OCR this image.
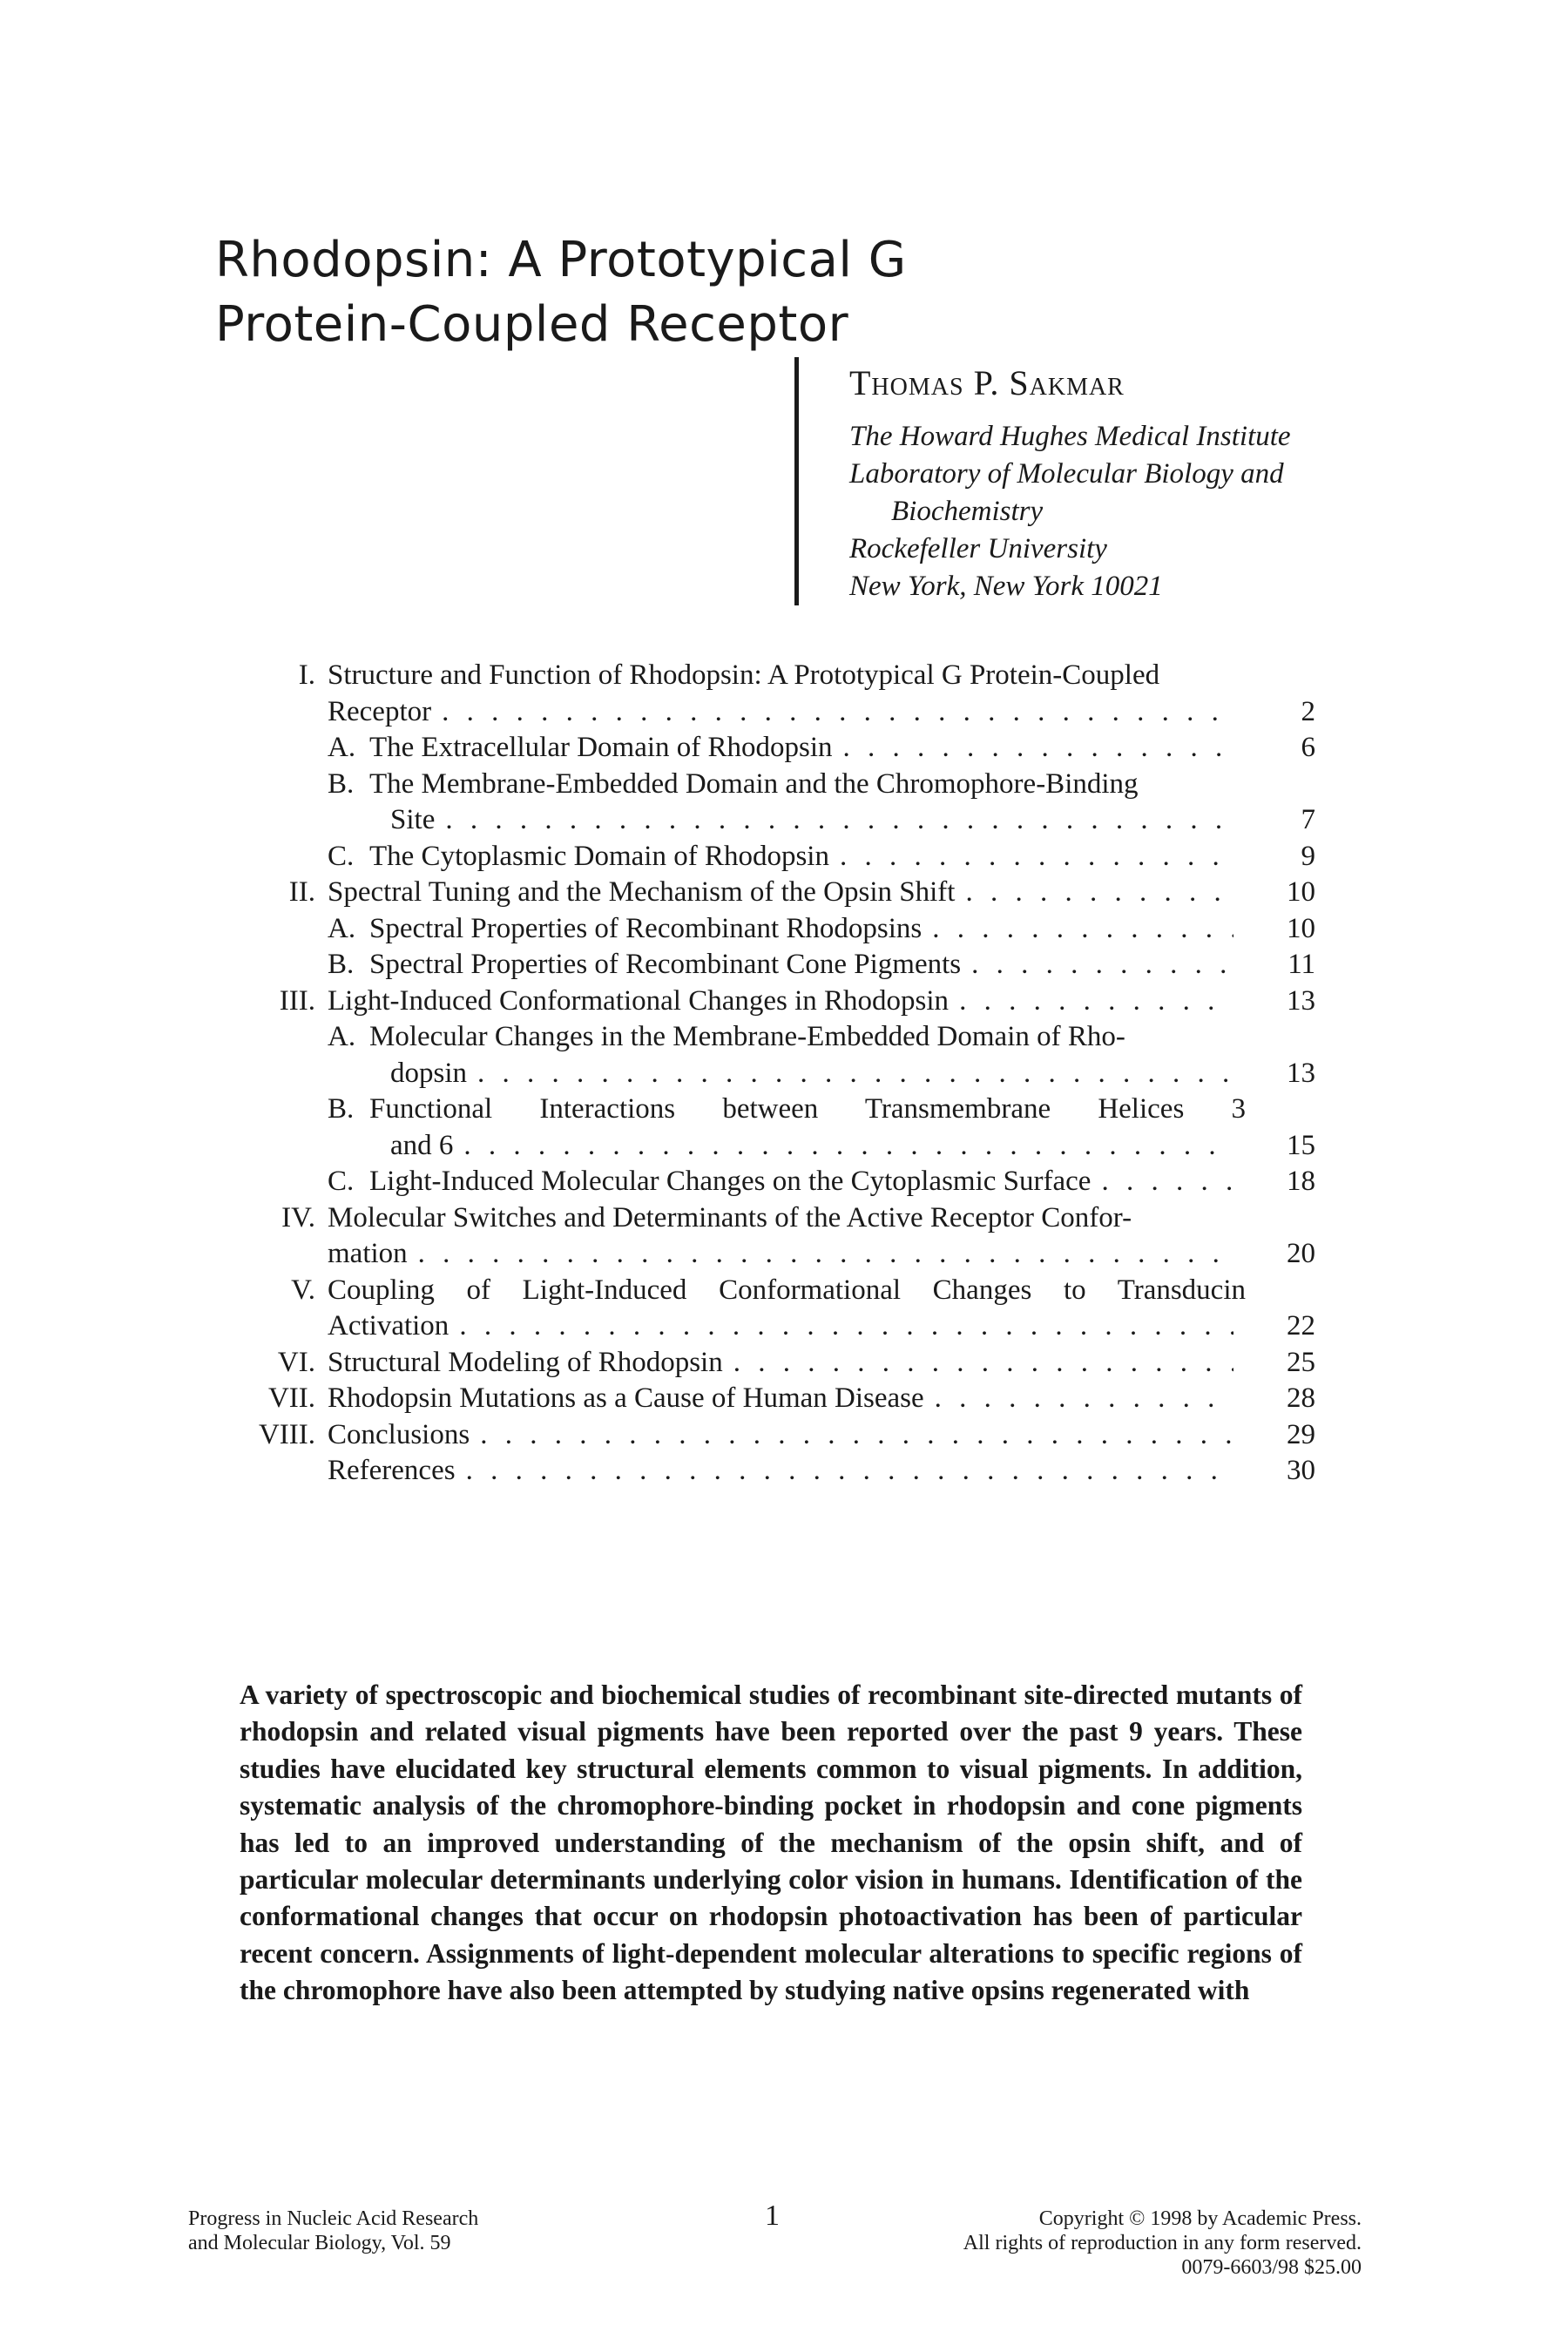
Rhodopsin: A Prototypical G
Protein-Coupled Receptor
Thomas P. Sakmar
The Howard Hughes Medical Institute
Laboratory of Molecular Biology and
Biochemistry
Rockefeller University
New York, New York 10021
I. Structure and Function of Rhodopsin: A Prototypical G Protein-Coupled
Receptor . . .	2
A. The Extracellular Domain of Rhodopsin . . .	6
B. The Membrane-Embedded Domain and the Chromophore-Binding
Site . . .	7
C. The Cytoplasmic Domain of Rhodopsin . . .	9
II. Spectral Tuning and the Mechanism of the Opsin Shift . . .	10
A. Spectral Properties of Recombinant Rhodopsins . . .	10
B. Spectral Properties of Recombinant Cone Pigments . . .	11
III. Light-Induced Conformational Changes in Rhodopsin . . .	13
A. Molecular Changes in the Membrane-Embedded Domain of Rho-
dopsin . . .	13
B. Functional Interactions between Transmembrane Helices 3
and 6 . . .	15
C. Light-Induced Molecular Changes on the Cytoplasmic Surface . . .	18
IV. Molecular Switches and Determinants of the Active Receptor Confor-
mation . . .	20
V. Coupling of Light-Induced Conformational Changes to Transducin
Activation . . .	22
VI. Structural Modeling of Rhodopsin . . .	25
VII. Rhodopsin Mutations as a Cause of Human Disease . . .	28
VIII. Conclusions . . .	29
References . . .	30

A variety of spectroscopic and biochemical studies of recombinant site-directed mutants of rhodopsin and related visual pigments have been reported over the past 9 years. These studies have elucidated key structural elements common to visual pigments. In addition, systematic analysis of the chromophore-binding pocket in rhodopsin and cone pigments has led to an improved understanding of the mechanism of the opsin shift, and of particular molecular determinants underlying color vision in humans. Identification of the conformational changes that occur on rhodopsin photoactivation has been of particular recent concern. Assignments of light-dependent molecular alterations to specific regions of the chromophore have also been attempted by studying native opsins regenerated with

Progress in Nucleic Acid Research
and Molecular Biology, Vol. 59
1	Copyright © 1998 by Academic Press.
All rights of reproduction in any form reserved.
0079-6603/98 $25.00
